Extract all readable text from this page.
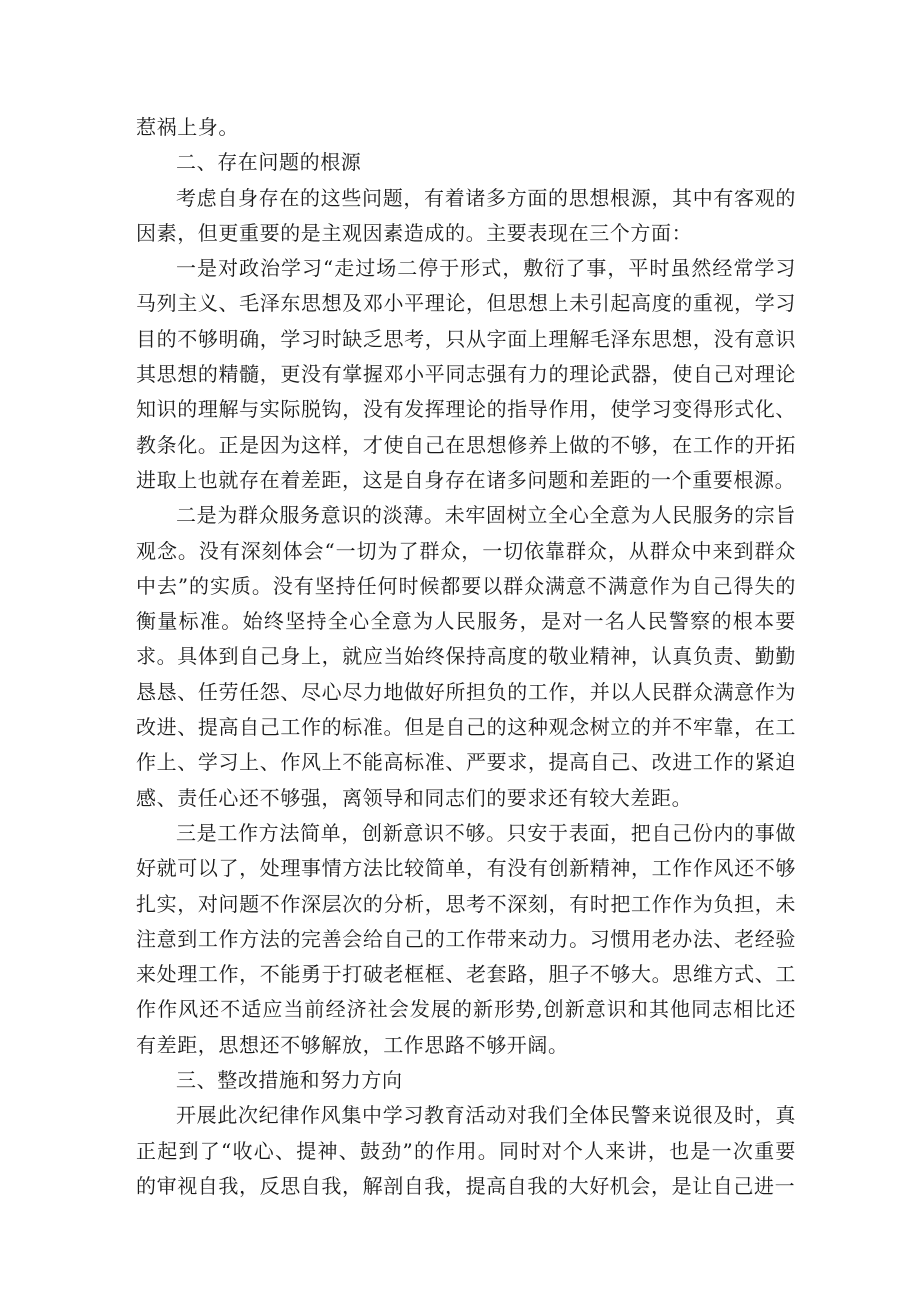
惹祸上身。

二、存在问题的根源

考虑自身存在的这些问题，有着诸多方面的思想根源，其中有客观的因素，但更重要的是主观因素造成的。主要表现在三个方面：

一是对政治学习“走过场二停于形式，敷衍了事，平时虽然经常学习马列主义、毛泽东思想及邓小平理论，但思想上未引起高度的重视，学习目的不够明确，学习时缺乏思考，只从字面上理解毛泽东思想，没有意识其思想的精髓，更没有掌握邓小平同志强有力的理论武器，使自己对理论知识的理解与实际脱钩，没有发挥理论的指导作用，使学习变得形式化、教条化。正是因为这样，才使自己在思想修养上做的不够，在工作的开拓进取上也就存在着差距，这是自身存在诸多问题和差距的一个重要根源。

二是为群众服务意识的淡薄。未牢固树立全心全意为人民服务的宗旨观念。没有深刻体会“一切为了群众，一切依靠群众，从群众中来到群众中去”的实质。没有坚持任何时候都要以群众满意不满意作为自己得失的衡量标准。始终坚持全心全意为人民服务，是对一名人民警察的根本要求。具体到自己身上，就应当始终保持高度的敬业精神，认真负责、勤勤恳恳、任劳任怨、尽心尽力地做好所担负的工作，并以人民群众满意作为改进、提高自己工作的标准。但是自己的这种观念树立的并不牢靠，在工作上、学习上、作风上不能高标准、严要求，提高自己、改进工作的紧迫感、责任心还不够强，离领导和同志们的要求还有较大差距。

三是工作方法简单，创新意识不够。只安于表面，把自己份内的事做好就可以了，处理事情方法比较简单，有没有创新精神，工作作风还不够扎实，对问题不作深层次的分析，思考不深刻，有时把工作作为负担，未注意到工作方法的完善会给自己的工作带来动力。习惯用老办法、老经验来处理工作，不能勇于打破老框框、老套路，胆子不够大。思维方式、工作作风还不适应当前经济社会发展的新形势,创新意识和其他同志相比还有差距，思想还不够解放，工作思路不够开阔。

三、整改措施和努力方向

开展此次纪律作风集中学习教育活动对我们全体民警来说很及时，真正起到了“收心、提神、鼓劲”的作用。同时对个人来讲，也是一次重要的审视自我，反思自我，解剖自我，提高自我的大好机会，是让自己进一
